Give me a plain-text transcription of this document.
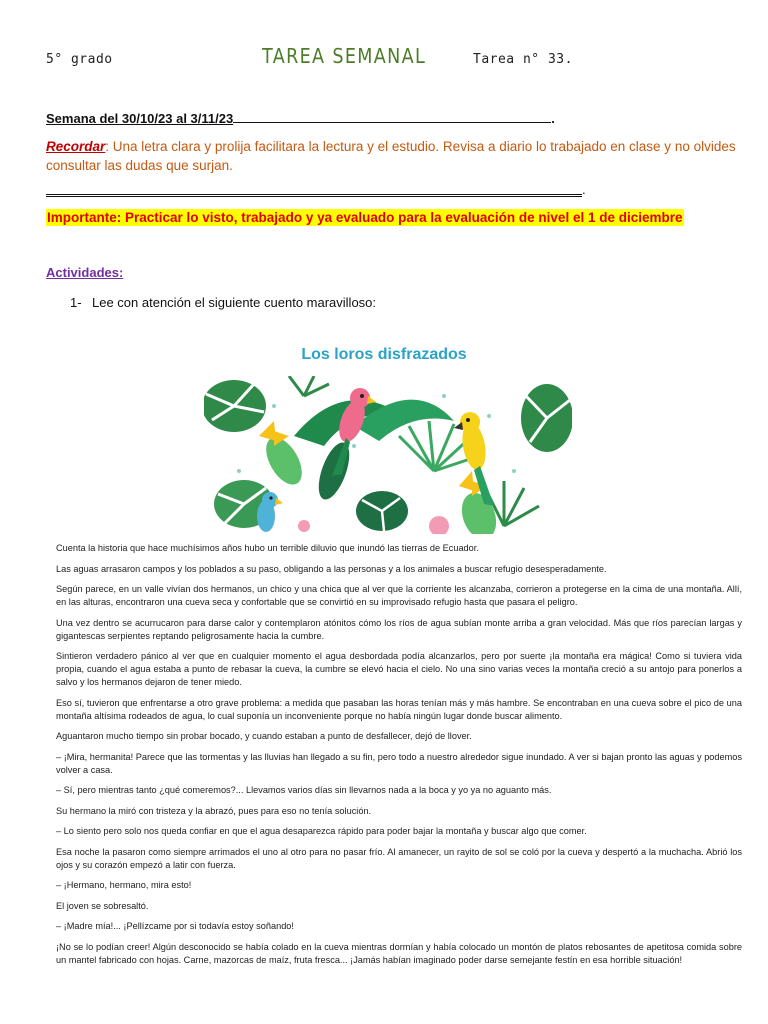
5° grado	TAREA SEMANAL	Tarea n° 33.
Semana del 30/10/23 al 3/11/23	.
Recordar: Una letra clara y prolija facilitara la lectura y el estudio. Revisa a diario lo trabajado en clase y no olvides consultar las dudas que surjan.
.
Importante: Practicar lo visto, trabajado y ya evaluado para la evaluación de nivel el 1 de diciembre
Actividades:
1- Lee con atención el siguiente cuento maravilloso:
Los loros disfrazados

Cuenta la historia que hace muchísimos años hubo un terrible diluvio que inundó las tierras de Ecuador.

Las aguas arrasaron campos y los poblados a su paso, obligando a las personas y a los animales a buscar refugio desesperadamente.

Según parece, en un valle vivían dos hermanos, un chico y una chica que al ver que la corriente les alcanzaba, corrieron a protegerse en la cima de una montaña. Allí, en las alturas, encontraron una cueva seca y confortable que se convirtió en su improvisado refugio hasta que pasara el peligro.

Una vez dentro se acurrucaron para darse calor y contemplaron atónitos cómo los ríos de agua subían monte arriba a gran velocidad. Más que ríos parecían largas y gigantescas serpientes reptando peligrosamente hacia la cumbre.

Sintieron verdadero pánico al ver que en cualquier momento el agua desbordada podía alcanzarlos, pero por suerte ¡la montaña era mágica! Como si tuviera vida propia, cuando el agua estaba a punto de rebasar la cueva, la cumbre se elevó hacia el cielo. No una sino varias veces la montaña creció a su antojo para ponerlos a salvo y los hermanos dejaron de tener miedo.

Eso sí, tuvieron que enfrentarse a otro grave problema: a medida que pasaban las horas tenían más y más hambre. Se encontraban en una cueva sobre el pico de una montaña altísima rodeados de agua, lo cual suponía un inconveniente porque no había ningún lugar donde buscar alimento.

Aguantaron mucho tiempo sin probar bocado, y cuando estaban a punto de desfallecer, dejó de llover.

– ¡Mira, hermanita! Parece que las tormentas y las lluvias han llegado a su fin, pero todo a nuestro alrededor sigue inundado. A ver si bajan pronto las aguas y podemos volver a casa.

– Sí, pero mientras tanto ¿qué comeremos?... Llevamos varios días sin llevarnos nada a la boca y yo ya no aguanto más.

Su hermano la miró con tristeza y la abrazó, pues para eso no tenía solución.

– Lo siento pero solo nos queda confiar en que el agua desaparezca rápido para poder bajar la montaña y buscar algo que comer.

Esa noche la pasaron como siempre arrimados el uno al otro para no pasar frío. Al amanecer, un rayito de sol se coló por la cueva y despertó a la muchacha. Abrió los ojos y su corazón empezó a latir con fuerza.

– ¡Hermano, hermano, mira esto!

El joven se sobresaltó.

– ¡Madre mía!... ¡Pellízcame por si todavía estoy soñando!

¡No se lo podían creer! Algún desconocido se había colado en la cueva mientras dormían y había colocado un montón de platos rebosantes de apetitosa comida sobre un mantel fabricado con hojas. Carne, mazorcas de maíz, fruta fresca... ¡Jamás habían imaginado poder darse semejante festín en esa horrible situación!
